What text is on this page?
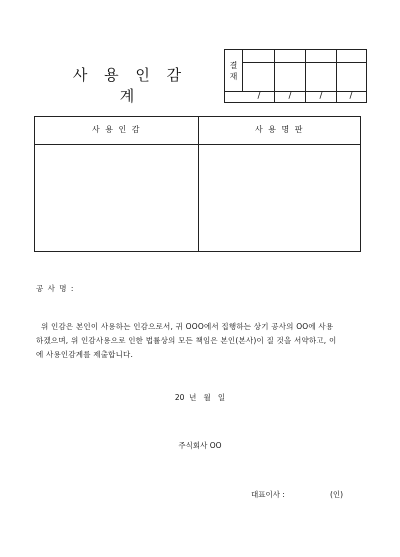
사 용 인 감 계
결
재
/	/	/	/
사 용 인 감	사 용 명 판
공 사 명 :

위 인감은 본인이 사용하는 인감으로서, 귀 OOO에서 집행하는 상기 공사의 OO에 사용

하겠으며, 위 인감사용으로 인한 법률상의 모든 책임은 본인(본사)이 질 것을 서약하고, 이

에 사용인감계를 제출합니다.

20  년   월   일
주식회사 OO
대표이사 :	(인)
